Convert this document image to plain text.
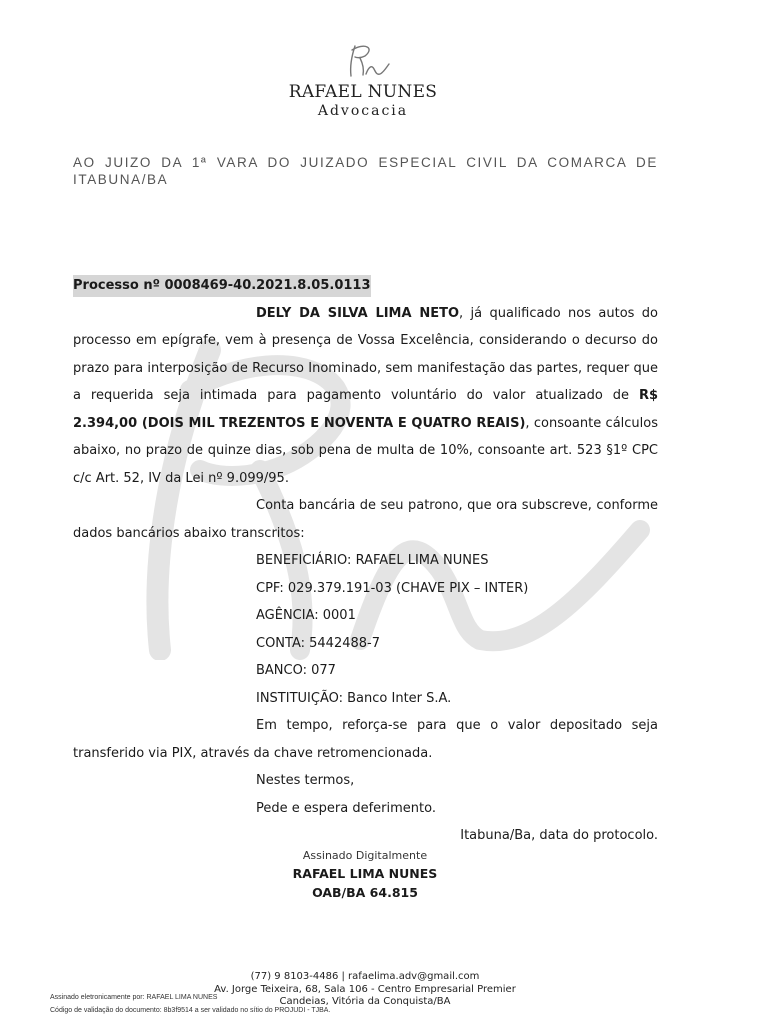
RAFAEL NUNES
Advocacia
AO JUIZO DA 1ª VARA DO JUIZADO ESPECIAL CIVIL DA COMARCA DE ITABUNA/BA
Processo nº 0008469-40.2021.8.05.0113

DELY DA SILVA LIMA NETO, já qualificado nos autos do processo em epígrafe, vem à presença de Vossa Excelência, considerando o decurso do prazo para interposição de Recurso Inominado, sem manifestação das partes, requer que a requerida seja intimada para pagamento voluntário do valor atualizado de R$ 2.394,00 (DOIS MIL TREZENTOS E NOVENTA E QUATRO REAIS), consoante cálculos abaixo, no prazo de quinze dias, sob pena de multa de 10%, consoante art. 523 §1º CPC c/c Art. 52, IV da Lei nº 9.099/95.

Conta bancária de seu patrono, que ora subscreve, conforme dados bancários abaixo transcritos:

BENEFICIÁRIO: RAFAEL LIMA NUNES

CPF: 029.379.191-03 (CHAVE PIX – INTER)

AGÊNCIA: 0001

CONTA: 5442488-7

BANCO: 077

INSTITUIÇÃO: Banco Inter S.A.

Em tempo, reforça-se para que o valor depositado seja transferido via PIX, através da chave retromencionada.

Nestes termos,

Pede e espera deferimento.

Itabuna/Ba, data do protocolo.

Assinado Digitalmente
RAFAEL LIMA NUNES
OAB/BA 64.815
(77) 9 8103-4486 | rafaelima.adv@gmail.com
Av. Jorge Teixeira, 68, Sala 106 - Centro Empresarial Premier
Candeias, Vitória da Conquista/BA
Assinado eletronicamente por: RAFAEL LIMA NUNES
Código de validação do documento: 8b3f9514 a ser validado no sítio do PROJUDI - TJBA.
